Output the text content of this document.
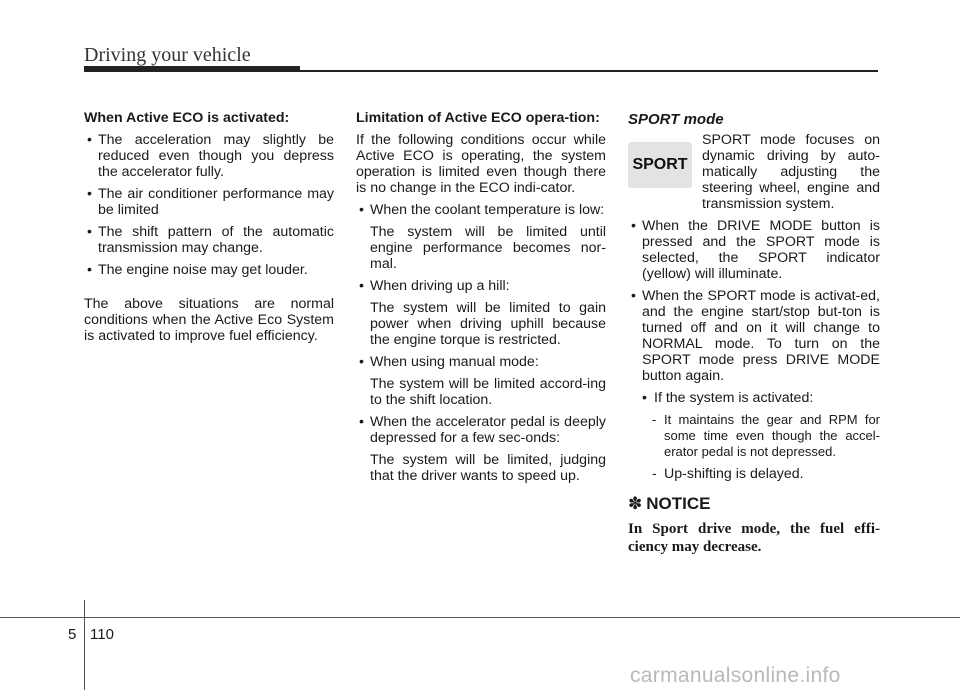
Driving your vehicle

When Active ECO is activated:

• The acceleration may slightly be reduced even though you depress the accelerator fully.

• The air conditioner performance may be limited

• The shift pattern of the automatic transmission may change.

• The engine noise may get louder.

The above situations are normal conditions when the Active Eco System is activated to improve fuel efficiency.

Limitation of Active ECO opera-tion:

If the following conditions occur while Active ECO is operating, the system operation is limited even though there is no change in the ECO indi-cator.

• When the coolant temperature is low:

The system will be limited until engine performance becomes nor-mal.

• When driving up a hill:

The system will be limited to gain power when driving uphill because the engine torque is restricted.

• When using manual mode:

The system will be limited accord-ing to the shift location.

• When the accelerator pedal is deeply depressed for a few sec-onds:

The system will be limited, judging that the driver wants to speed up.

SPORT mode

SPORT
SPORT mode focuses on dynamic driving by auto-matically adjusting the steering wheel, engine and transmission system.

• When the DRIVE MODE button is pressed and the SPORT mode is selected, the SPORT indicator (yellow) will illuminate.

• When the SPORT mode is activat-ed, and the engine start/stop but-ton is turned off and on it will change to NORMAL mode. To turn on the SPORT mode press DRIVE MODE button again.

• If the system is activated:

- It maintains the gear and RPM for some time even though the accel-erator pedal is not depressed.

- Up-shifting is delayed.

✽ NOTICE
In Sport drive mode, the fuel effi-ciency may decrease.
5 110
carmanualsonline.info
